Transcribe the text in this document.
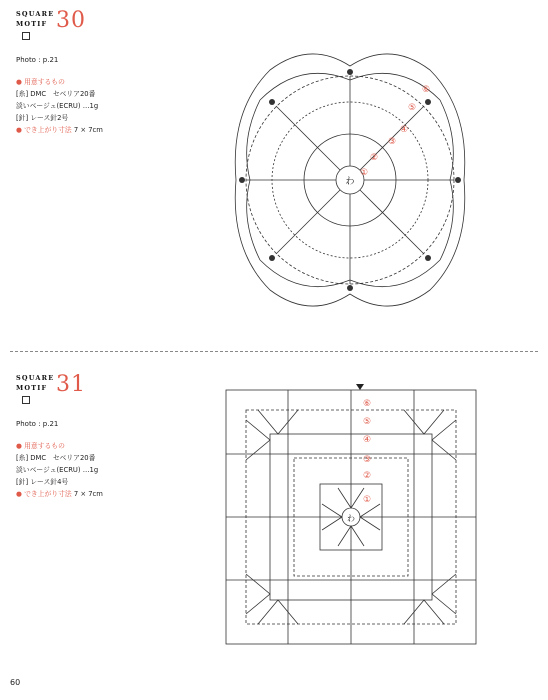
SQUARE
MOTIF 30
Photo : p.21
● 用意するもの
[糸] DMC　セベリア20番
淡いベージュ(ECRU) …1g
[針] レース針2号
● でき上がり寸法 7 × 7cm
わ
①
②
③
④
⑤
⑥
SQUARE
MOTIF 31
Photo : p.21
● 用意するもの
[糸] DMC　セベリア20番
淡いベージュ(ECRU) …1g
[針] レース針4号
● でき上がり寸法 7 × 7cm
わ
①
②
③
④
⑤
⑥
60
